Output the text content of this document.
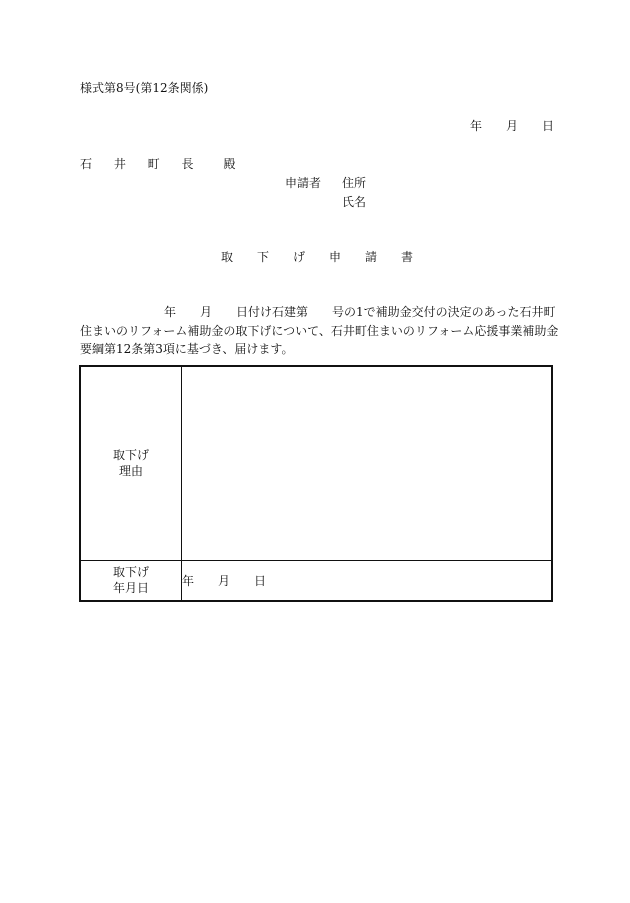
様式第8号(第12条関係)
年 月 日
石 井 町 長　殿
申請者 住所
氏名
取下げ申請書
　　　　　　　年　　月　　日付け石建第　　号の1で補助金交付の決定のあった石井町
住まいのリフォーム補助金の取下げについて、石井町住まいのリフォーム応援事業補助金
要綱第12条第3項に基づき、届けます。
取下げ
理由	

取下げ
年月日	年 月 日
